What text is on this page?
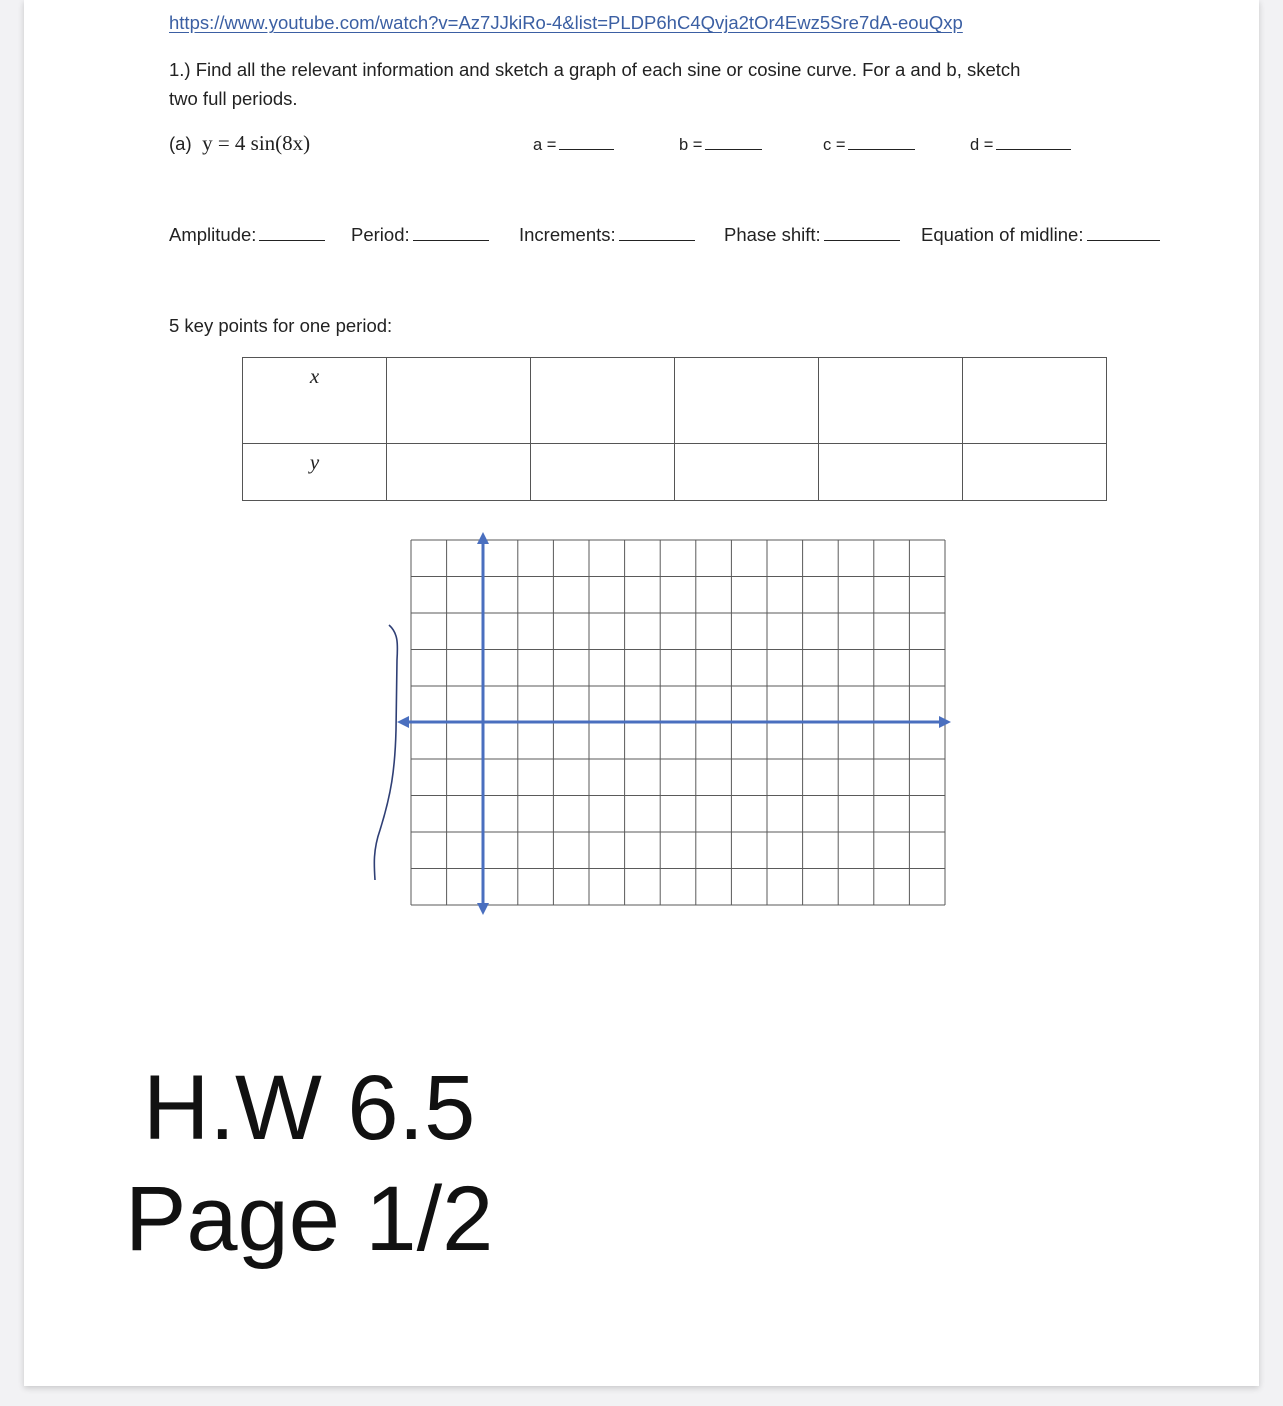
https://www.youtube.com/watch?v=Az7JJkiRo-4&list=PLDP6hC4Qvja2tOr4Ewz5Sre7dA-eouQxp
1.) Find all the relevant information and sketch a graph of each sine or cosine curve. For a and b, sketch
two full periods.
(a) y = 4 sin(8x)	a =	b =	c =	d =
Amplitude:	Period:	Increments:	Phase shift:	Equation of midline:
5 key points for one period:
x					

y					

H.W 6.5
Page 1/2
